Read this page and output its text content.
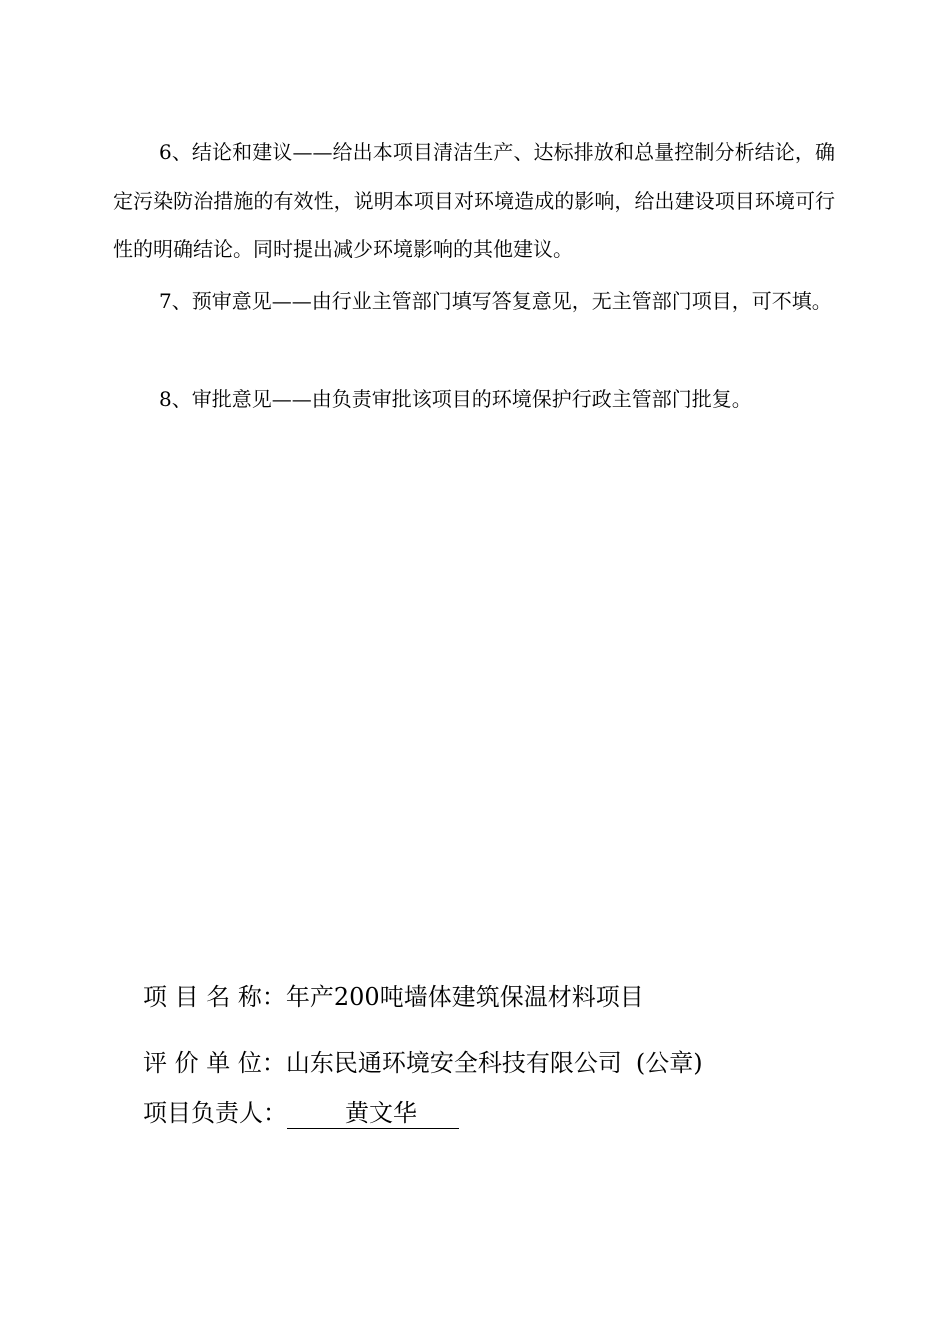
6、结论和建议——给出本项目清洁生产、达标排放和总量控制分析结论，确定污染防治措施的有效性，说明本项目对环境造成的影响，给出建设项目环境可行性的明确结论。同时提出减少环境影响的其他建议。

7、预审意见——由行业主管部门填写答复意见，无主管部门项目，可不填。

8、审批意见——由负责审批该项目的环境保护行政主管部门批复。

项 目 名 称：年产200吨墙体建筑保温材料项目
评 价 单 位：山东民通环境安全科技有限公司 (公章)
项目负责人： 黄文华
